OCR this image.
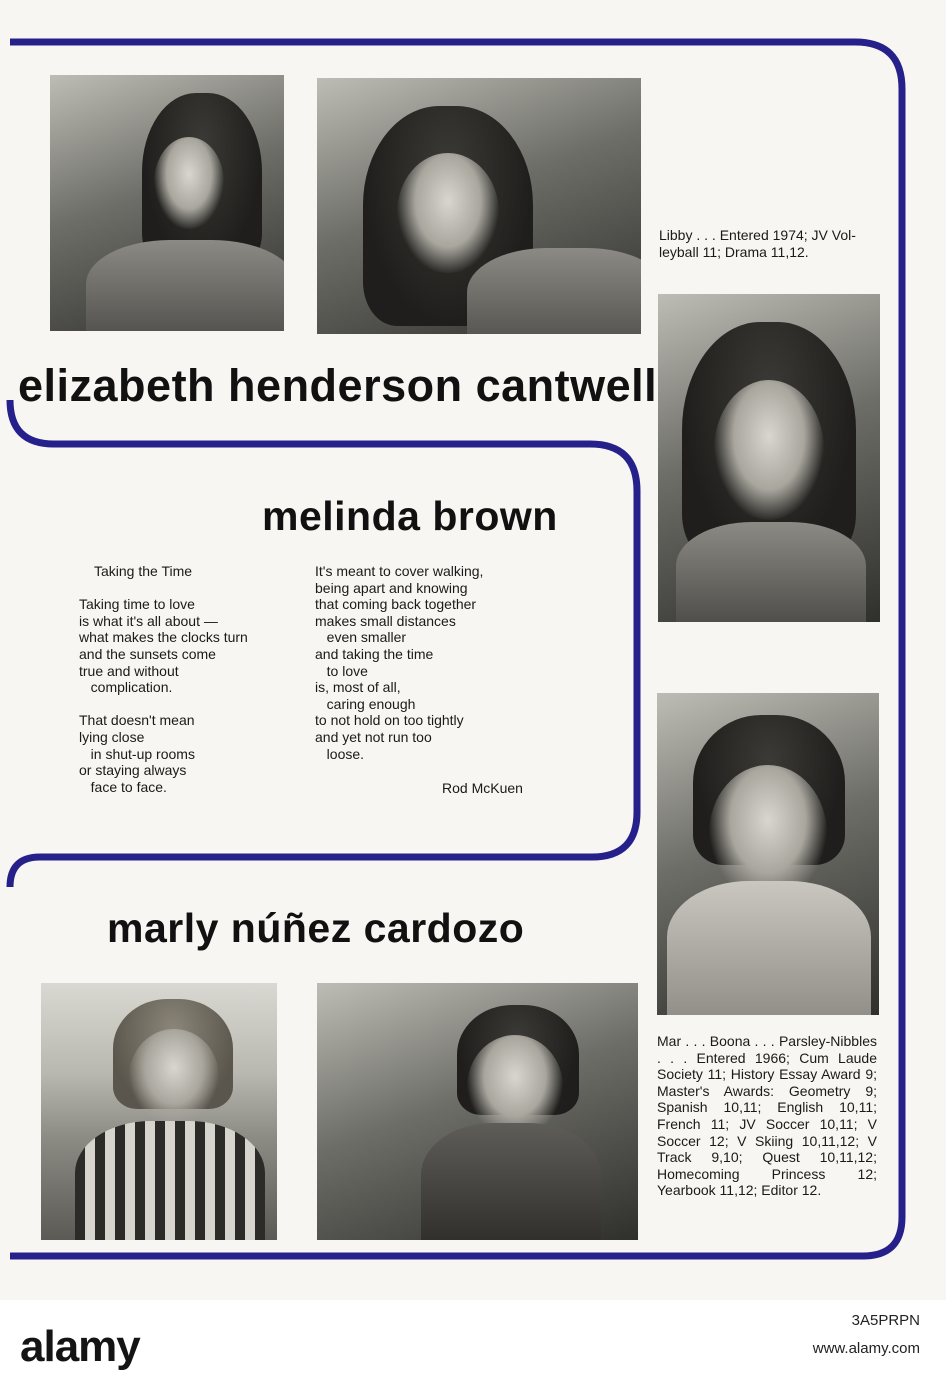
elizabeth henderson cantwell
Libby . . . Entered 1974; JV Vol-leyball 11; Drama 11,12.
melinda brown
Taking the Time

Taking time to love
is what it's all about —
what makes the clocks turn
and the sunsets come
true and without
complication.

That doesn't mean
lying close
in shut-up rooms
or staying always
face to face.
It's meant to cover walking,
being apart and knowing
that coming back together
makes small distances
even smaller
and taking the time
to love
is, most of all,
caring enough
to not hold on too tightly
and yet not run too
loose.
Rod McKuen
marly núñez cardozo
Mar . . . Boona . . . Parsley-Nibbles . . . Entered 1966; Cum Laude Society 11; History Essay Award 9; Master's Awards: Geometry 9; Spanish 10,11; English 10,11; French 11; JV Soccer 10,11; V Soccer 12; V Skiing 10,11,12; V Track 9,10; Quest 10,11,12; Homecoming Princess 12; Yearbook 11,12; Editor 12.
alamy
3A5PRPN
www.alamy.com
